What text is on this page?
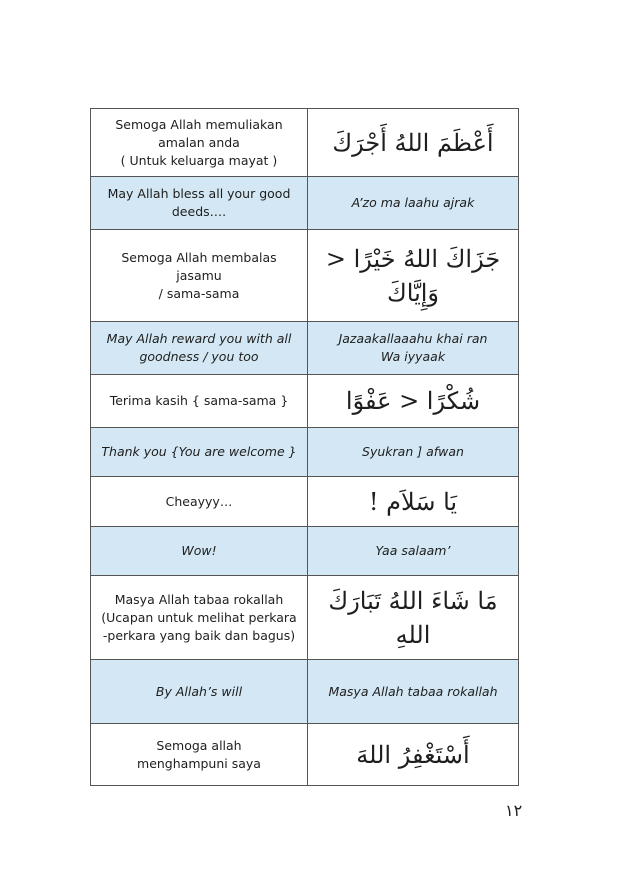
Semoga Allah memuliakan
amalan anda
( Untuk keluarga mayat )	أَعْظَمَ اللهُ أَجْرَكَ
May Allah bless all your good
deeds….	A’zo ma laahu ajrak
Semoga Allah membalas jasamu
/ sama-sama	جَزَاكَ اللهُ خَيْرًا <
وَإِيَّاكَ
May Allah reward you with all
goodness / you too	Jazaakallaaahu khai ran
Wa iyyaak
Terima kasih { sama-sama }	شُكْرًا < عَفْوًا
Thank you {You are welcome }	Syukran ] afwan
Cheayyy…	يَا سَلاَم !
Wow!	Yaa salaam’
Masya Allah tabaa rokallah
(Ucapan untuk melihat perkara
-perkara yang baik dan bagus)	مَا شَاءَ اللهُ تَبَارَكَ اللهِ
By Allah’s will	Masya Allah tabaa rokallah
Semoga allah
menghampuni saya	أَسْتَغْفِرُ اللهَ
١٢
